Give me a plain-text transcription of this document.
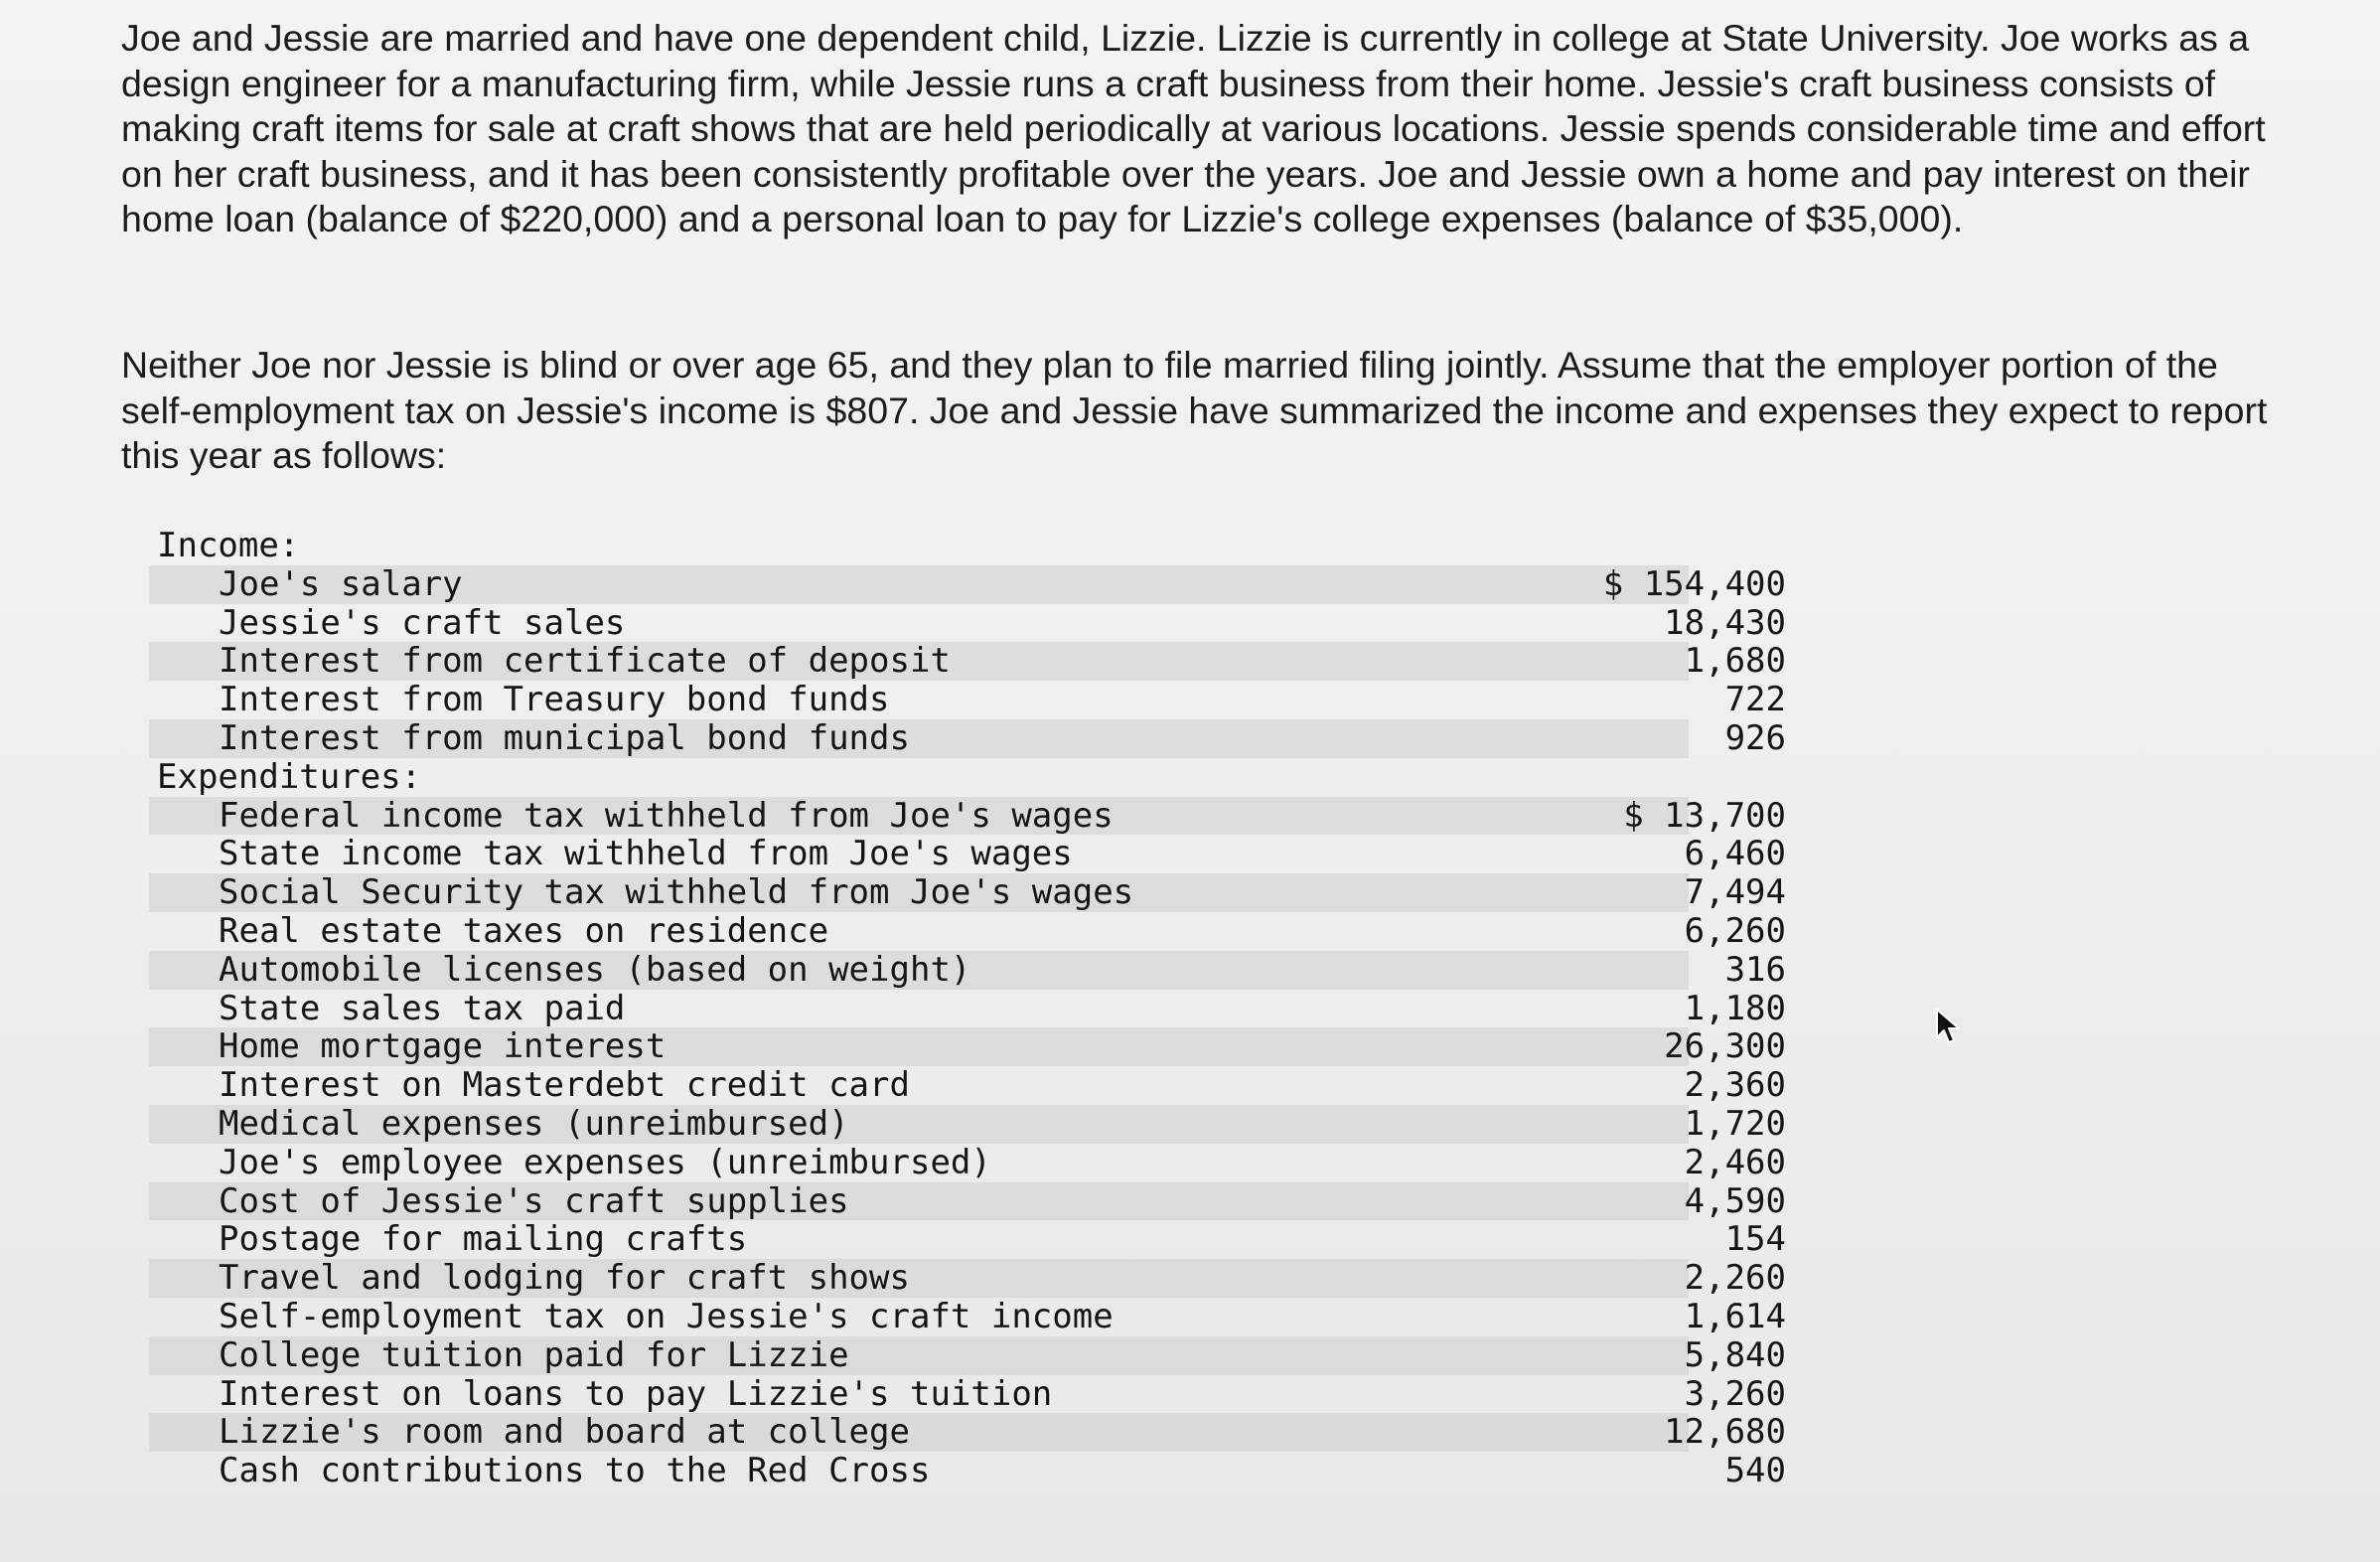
Joe and Jessie are married and have one dependent child, Lizzie. Lizzie is currently in college at State University. Joe works as a design engineer for a manufacturing firm, while Jessie runs a craft business from their home. Jessie's craft business consists of making craft items for sale at craft shows that are held periodically at various locations. Jessie spends considerable time and effort on her craft business, and it has been consistently profitable over the years. Joe and Jessie own a home and pay interest on their home loan (balance of $220,000) and a personal loan to pay for Lizzie's college expenses (balance of $35,000).

Neither Joe nor Jessie is blind or over age 65, and they plan to file married filing jointly. Assume that the employer portion of the self-employment tax on Jessie's income is $807. Joe and Jessie have summarized the income and expenses they expect to report this year as follows:

Income:
Joe's salary	$ 154,400
Jessie's craft sales	18,430
Interest from certificate of deposit	1,680
Interest from Treasury bond funds	722
Interest from municipal bond funds	926
Expenditures:
Federal income tax withheld from Joe's wages	$ 13,700
State income tax withheld from Joe's wages	6,460
Social Security tax withheld from Joe's wages	7,494
Real estate taxes on residence	6,260
Automobile licenses (based on weight)	316
State sales tax paid	1,180
Home mortgage interest	26,300
Interest on Masterdebt credit card	2,360
Medical expenses (unreimbursed)	1,720
Joe's employee expenses (unreimbursed)	2,460
Cost of Jessie's craft supplies	4,590
Postage for mailing crafts	154
Travel and lodging for craft shows	2,260
Self-employment tax on Jessie's craft income	1,614
College tuition paid for Lizzie	5,840
Interest on loans to pay Lizzie's tuition	3,260
Lizzie's room and board at college	12,680
Cash contributions to the Red Cross	540
